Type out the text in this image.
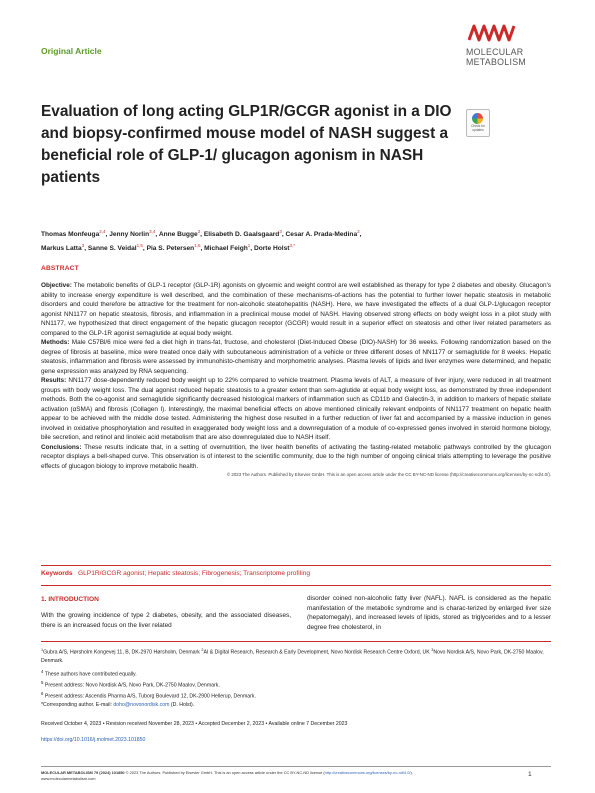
Original Article	MOLECULAR
METABOLISM
Evaluation of long acting GLP1R/GCGR agonist in a DIO and biopsy-confirmed mouse model of NASH suggest a beneficial role of GLP-1/ glucagon agonism in NASH patients
Check for
updates
Thomas Monfeuga$^{2,4}$, Jenny Norlin$^{3,4}$, Anne Bugge$^3$, Elisabeth D. Gaalsgaard$^3$, Cesar A. Prada-Medina$^2$,
Markus Latta$^3$, Sanne S. Veidal$^{1,5}$, Pia S. Petersen$^{1,6}$, Michael Feigh$^1$, Dorte Holst$^{3,*}$
ABSTRACT

Objective: The metabolic benefits of GLP-1 receptor (GLP-1R) agonists on glycemic and weight control are well established as therapy for type 2 diabetes and obesity. Glucagon's ability to increase energy expenditure is well described, and the combination of these mechanisms-of-actions has the potential to further lower hepatic steatosis in metabolic disorders and could therefore be attractive for the treatment for non-alcoholic steatohepatitis (NASH). Here, we have investigated the effects of a dual GLP-1/glucagon receptor agonist NN1177 on hepatic steatosis, fibrosis, and inflammation in a preclinical mouse model of NASH. Having observed strong effects on body weight loss in a pilot study with NN1177, we hypothesized that direct engagement of the hepatic glucagon receptor (GCGR) would result in a superior effect on steatosis and other liver related parameters as compared to the GLP-1R agonist semaglutide at equal body weight.

Methods: Male C57Bl/6 mice were fed a diet high in trans-fat, fructose, and cholesterol (Diet-Induced Obese (DIO)-NASH) for 36 weeks. Following randomization based on the degree of fibrosis at baseline, mice were treated once daily with subcutaneous administration of a vehicle or three different doses of NN1177 or semaglutide for 8 weeks. Hepatic steatosis, inflammation and fibrosis were assessed by immunohisto-chemistry and morphometric analyses. Plasma levels of lipids and liver enzymes were determined, and hepatic gene expression was analyzed by RNA sequencing.

Results: NN1177 dose-dependently reduced body weight up to 22% compared to vehicle treatment. Plasma levels of ALT, a measure of liver injury, were reduced in all treatment groups with body weight loss. The dual agonist reduced hepatic steatosis to a greater extent than sem-aglutide at equal body weight loss, as demonstrated by three independent methods. Both the co-agonist and semaglutide significantly decreased histological markers of inflammation such as CD11b and Galectin-3, in addition to markers of hepatic stellate activation (αSMA) and fibrosis (Collagen I). Interestingly, the maximal beneficial effects on above mentioned clinically relevant endpoints of NN1177 treatment on hepatic health appear to be achieved with the middle dose tested. Administering the highest dose resulted in a further reduction of liver fat and accompanied by a massive induction in genes involved in oxidative phosphorylation and resulted in exaggerated body weight loss and a downregulation of a module of co-expressed genes involved in steroid hormone biology, bile secretion, and retinol and linoleic acid metabolism that are also downregulated due to NASH itself.

Conclusions: These results indicate that, in a setting of overnutrition, the liver health benefits of activating the fasting-related metabolic pathways controlled by the glucagon receptor displays a bell-shaped curve. This observation is of interest to the scientific community, due to the high number of ongoing clinical trials attempting to leverage the positive effects of glucagon biology to improve metabolic health.

© 2023 The Authors. Published by Elsevier GmbH. This is an open access article under the CC BY-NC-ND license (http://creativecommons.org/licenses/by-nc-nd/4.0/).
Keywords GLP1R/GCGR agonist; Hepatic steatosis; Fibrogenesis; Transcriptome profiling
1. INTRODUCTION
With the growing incidence of type 2 diabetes, obesity, and the associated diseases, there is an increased focus on the liver related
disorder coined non-alcoholic fatty liver (NAFL). NAFL is considered as the hepatic manifestation of the metabolic syndrome and is charac-terized by enlarged liver size (hepatomegaly), and increased levels of lipids, stored as triglycerides and to a lesser degree free cholesterol, in

$^1$Gubra A/S, Hørsholm Kongevej 11, B, DK-2970 Hørsholm, Denmark $^2$AI & Digital Research, Research & Early Development, Novo Nordisk Research Centre Oxford, UK $^3$Novo Nordisk A/S, Novo Park, DK-2750 Maalov, Denmark.

$^4$ These authors have contributed equally.

$^5$ Present address: Novo Nordisk A/S, Novo Park, DK-2750 Maalov, Denmark.

$^6$ Present address: Ascendis Pharma A/S, Tuborg Boulevard 12, DK-2900 Hellerup, Denmark.

*Corresponding author. E-mail: doho@novonordisk.com (D. Holst).
Received October 4, 2023 • Revision received November 28, 2023 • Accepted December 2, 2023 • Available online 7 December 2023
https://doi.org/10.1016/j.molmet.2023.101850
MOLECULAR METABOLISM 79 (2024) 101850 © 2023 The Authors. Published by Elsevier GmbH. This is an open access article under the CC BY-NC-ND license (http://creativecommons.org/licenses/by-nc-nd/4.0/).
www.molecularmetabolism.com
1
